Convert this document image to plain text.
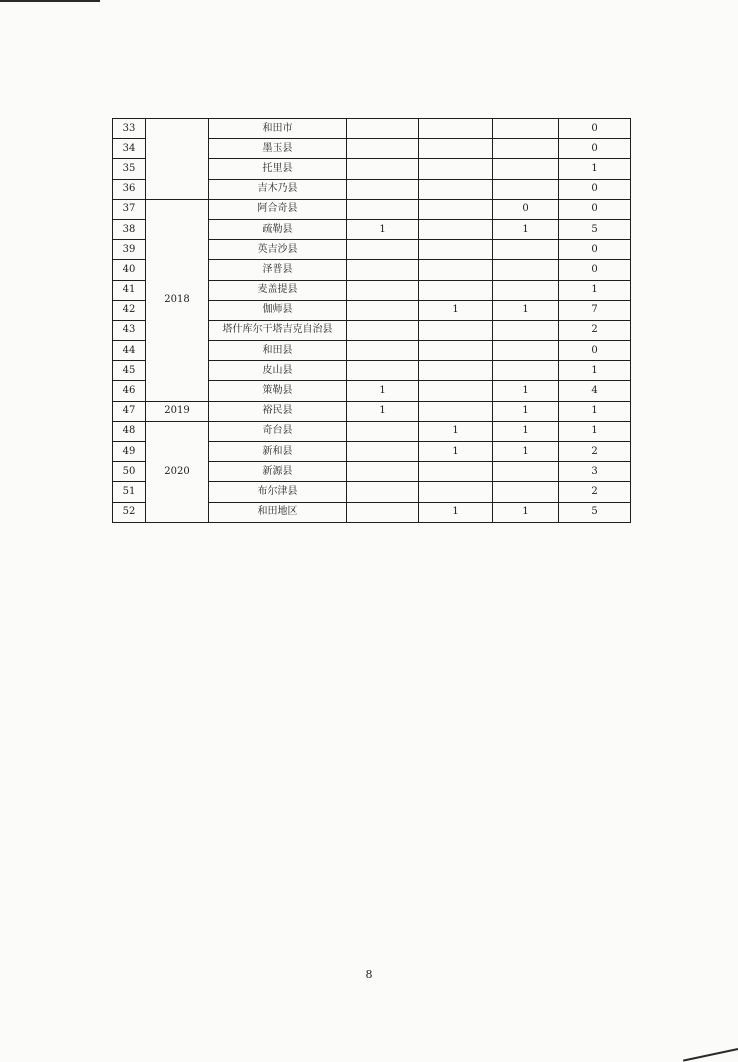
33		和田市				0
34		墨玉县				0
35		托里县				1
36		吉木乃县				0
37	2018	阿合奇县			0	0
38		疏勒县	1		1	5
39		英吉沙县				0
40		泽普县				0
41		麦盖提县				1
42		伽师县		1	1	7
43		塔什库尔干塔吉克自治县				2
44		和田县				0
45		皮山县				1
46		策勒县	1		1	4
47	2019	裕民县	1		1	1
48	2020	奇台县		1	1	1
49		新和县		1	1	2
50		新源县				3
51		布尔津县				2
52		和田地区		1	1	5
8
